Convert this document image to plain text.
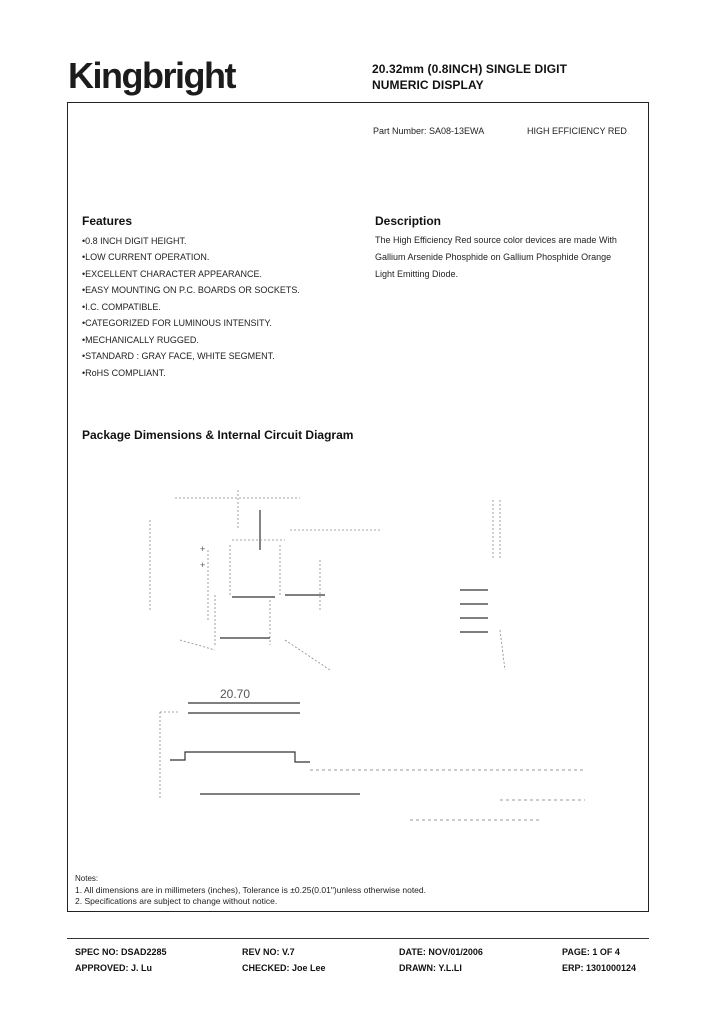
Kingbright	20.32mm (0.8INCH) SINGLE DIGIT
NUMERIC DISPLAY
Part Number: SA08-13EWA	HIGH EFFICIENCY RED
Features
•0.8 INCH DIGIT HEIGHT.
•LOW CURRENT OPERATION.
•EXCELLENT CHARACTER APPEARANCE.
•EASY MOUNTING ON P.C. BOARDS OR SOCKETS.
•I.C. COMPATIBLE.
•CATEGORIZED FOR LUMINOUS INTENSITY.
•MECHANICALLY RUGGED.
•STANDARD : GRAY FACE, WHITE SEGMENT.
•RoHS COMPLIANT.
Description
The High Efficiency Red source color devices are made With
Gallium Arsenide Phosphide on Gallium Phosphide Orange
Light Emitting Diode.
Package Dimensions & Internal Circuit Diagram
+
+
20.70
Notes:
1. All dimensions are in millimeters (inches), Tolerance is ±0.25(0.01")unless otherwise noted.
2. Specifications are subject to change without notice.
SPEC NO: DSAD2285	REV NO: V.7	DATE: NOV/01/2006	PAGE: 1 OF 4
APPROVED: J. Lu	CHECKED: Joe Lee	DRAWN: Y.L.LI	ERP: 1301000124
